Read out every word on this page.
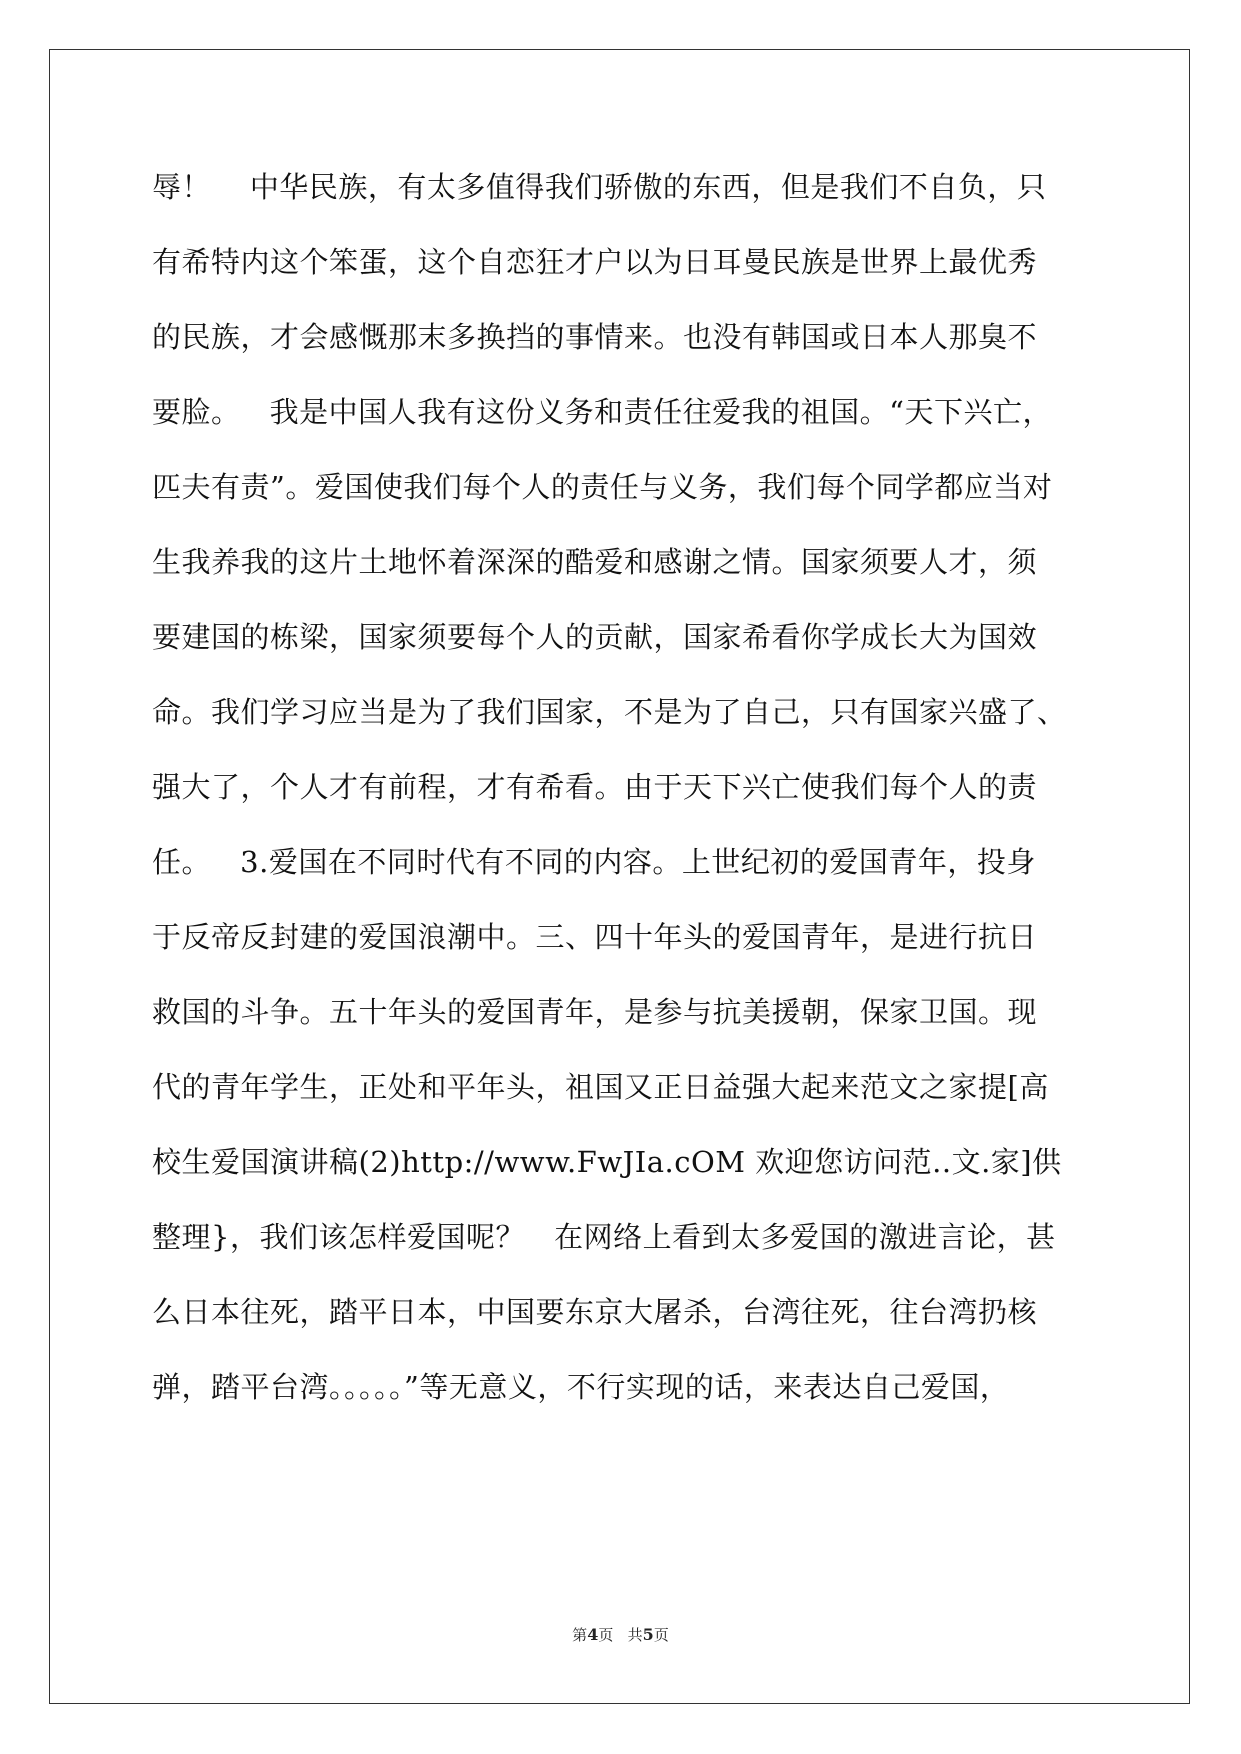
辱！    中华民族，有太多值得我们骄傲的东西，但是我们不自负，只
有希特内这个笨蛋，这个自恋狂才户以为日耳曼民族是世界上最优秀
的民族，才会感慨那末多换挡的事情来。也没有韩国或日本人那臭不
要脸。   我是中国人我有这份义务和责任往爱我的祖国。“天下兴亡，
匹夫有责”。爱国使我们每个人的责任与义务，我们每个同学都应当对
生我养我的这片土地怀着深深的酷爱和感谢之情。国家须要人才，须
要建国的栋梁，国家须要每个人的贡献，国家希看你学成长大为国效
命。我们学习应当是为了我们国家，不是为了自己，只有国家兴盛了、
强大了，个人才有前程，才有希看。由于天下兴亡使我们每个人的责
任。   3.爱国在不同时代有不同的内容。上世纪初的爱国青年，投身
于反帝反封建的爱国浪潮中。三、四十年头的爱国青年，是进行抗日
救国的斗争。五十年头的爱国青年，是参与抗美援朝，保家卫国。现
代的青年学生，正处和平年头，祖国又正日益强大起来范文之家提[高
校生爱国演讲稿(2)http://www.FwJIa.cOM 欢迎您访问范..文.家]供
整理}，我们该怎样爱国呢？   在网络上看到太多爱国的激进言论，甚
么日本往死，踏平日本，中国要东京大屠杀，台湾往死，往台湾扔核
弹，踏平台湾。。。。。”等无意义，不行实现的话，来表达自己爱国，
第4页 共5页
